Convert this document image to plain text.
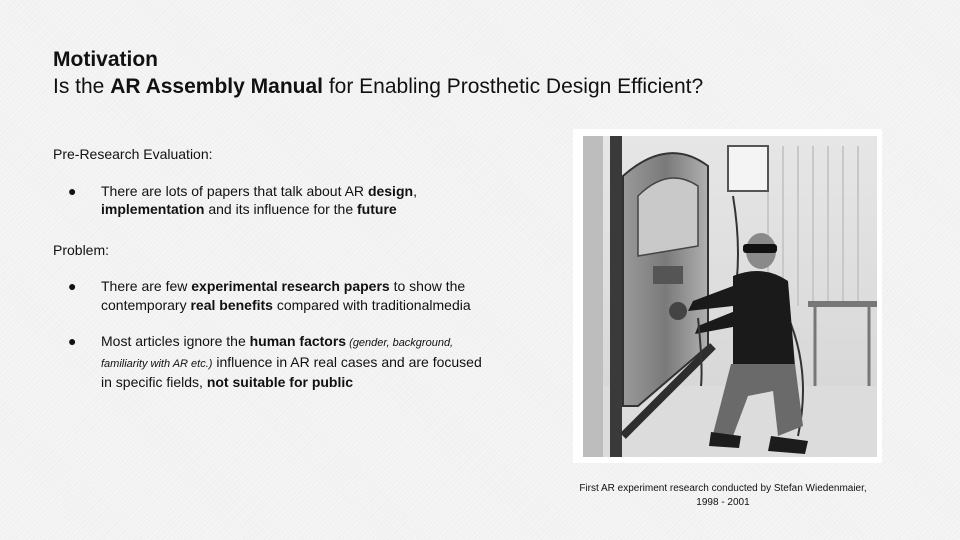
Motivation

Is the AR Assembly Manual for Enabling Prosthetic Design Efficient?

Pre-Research Evaluation:

● There are lots of papers that talk about AR design, implementation and its influence for the future

Problem:

● There are few experimental research papers to show the contemporary real benefits compared with traditionalmedia
● Most articles ignore the human factors (gender, background, familiarity with AR etc.) influence in AR real cases and are focused in specific fields, not suitable for public
First AR experiment research conducted by Stefan Wiedenmaier, 1998 - 2001
